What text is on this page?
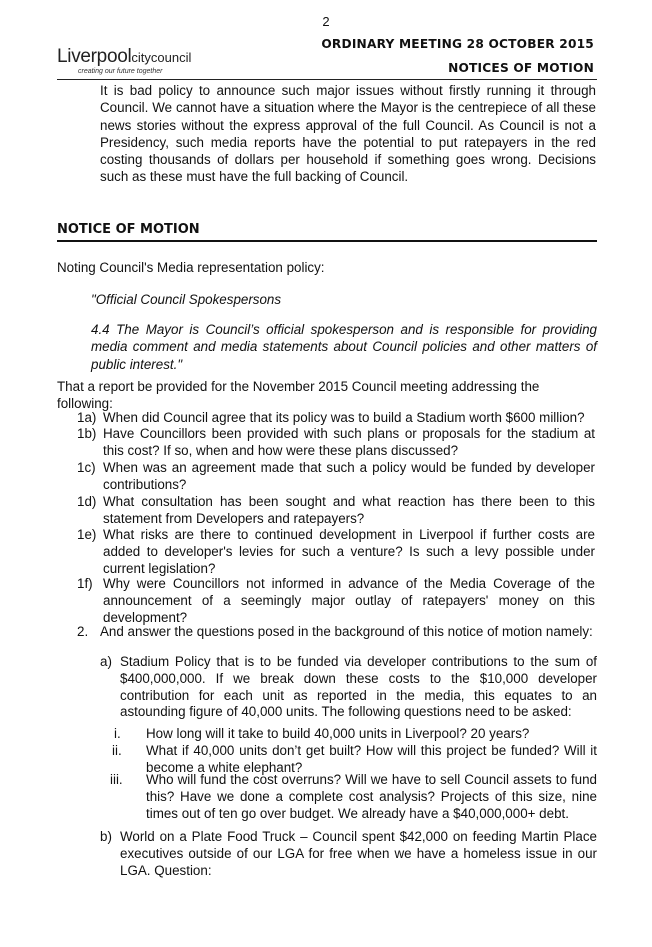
2
Liverpoolcitycouncil
creating our future together
ORDINARY MEETING 28 OCTOBER 2015
NOTICES OF MOTION

It is bad policy to announce such major issues without firstly running it through Council. We cannot have a situation where the Mayor is the centrepiece of all these news stories without the express approval of the full Council. As Council is not a Presidency, such media reports have the potential to put ratepayers in the red costing thousands of dollars per household if something goes wrong. Decisions such as these must have the full backing of Council.

NOTICE OF MOTION

Noting Council's Media representation policy:

"Official Council Spokespersons

4.4 The Mayor is Council’s official spokesperson and is responsible for providing media comment and media statements about Council policies and other matters of public interest."

That a report be provided for the November 2015 Council meeting addressing the following:

1a) When did Council agree that its policy was to build a Stadium worth $600 million?
1b) Have Councillors been provided with such plans or proposals for the stadium at this cost? If so, when and how were these plans discussed?
1c) When was an agreement made that such a policy would be funded by developer contributions?
1d) What consultation has been sought and what reaction has there been to this statement from Developers and ratepayers?
1e) What risks are there to continued development in Liverpool if further costs are added to developer's levies for such a venture? Is such a levy possible under current legislation?
1f) Why were Councillors not informed in advance of the Media Coverage of the announcement of a seemingly major outlay of ratepayers' money on this development?
2. And answer the questions posed in the background of this notice of motion namely:
a) Stadium Policy that is to be funded via developer contributions to the sum of $400,000,000. If we break down these costs to the $10,000 developer contribution for each unit as reported in the media, this equates to an astounding figure of 40,000 units. The following questions need to be asked:
i. How long will it take to build 40,000 units in Liverpool? 20 years?
ii. What if 40,000 units don’t get built? How will this project be funded? Will it become a white elephant?
iii. Who will fund the cost overruns? Will we have to sell Council assets to fund this? Have we done a complete cost analysis? Projects of this size, nine times out of ten go over budget. We already have a $40,000,000+ debt.
b) World on a Plate Food Truck – Council spent $42,000 on feeding Martin Place executives outside of our LGA for free when we have a homeless issue in our LGA. Question:
